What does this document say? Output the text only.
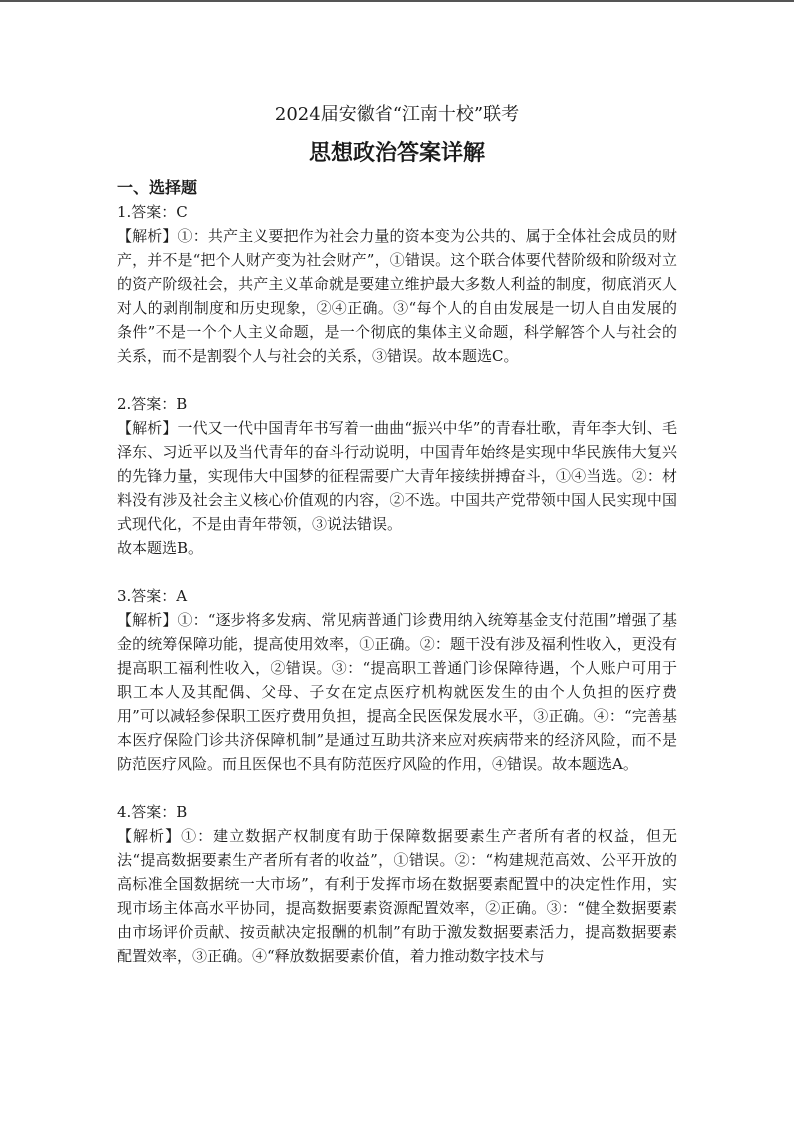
2024届安徽省“江南十校”联考
思想政治答案详解
一、选择题

1.答案：C

【解析】①：共产主义要把作为社会力量的资本变为公共的、属于全体社会成员的财产，并不是“把个人财产变为社会财产”，①错误。这个联合体要代替阶级和阶级对立的资产阶级社会，共产主义革命就是要建立维护最大多数人利益的制度，彻底消灭人对人的剥削制度和历史现象，②④正确。③“每个人的自由发展是一切人自由发展的条件”不是一个个人主义命题，是一个彻底的集体主义命题，科学解答个人与社会的关系，而不是割裂个人与社会的关系，③错误。故本题选C。

2.答案：B

【解析】一代又一代中国青年书写着一曲曲“振兴中华”的青春壮歌，青年李大钊、毛泽东、习近平以及当代青年的奋斗行动说明，中国青年始终是实现中华民族伟大复兴的先锋力量，实现伟大中国梦的征程需要广大青年接续拼搏奋斗，①④当选。②：材料没有涉及社会主义核心价值观的内容，②不选。中国共产党带领中国人民实现中国式现代化，不是由青年带领，③说法错误。

故本题选B。

3.答案：A

【解析】①：“逐步将多发病、常见病普通门诊费用纳入统筹基金支付范围”增强了基金的统筹保障功能，提高使用效率，①正确。②：题干没有涉及福利性收入，更没有提高职工福利性收入，②错误。③：“提高职工普通门诊保障待遇，个人账户可用于职工本人及其配偶、父母、子女在定点医疗机构就医发生的由个人负担的医疗费用”可以减轻参保职工医疗费用负担，提高全民医保发展水平，③正确。④：“完善基本医疗保险门诊共济保障机制”是通过互助共济来应对疾病带来的经济风险，而不是防范医疗风险。而且医保也不具有防范医疗风险的作用，④错误。故本题选A。

4.答案：B

【解析】①：建立数据产权制度有助于保障数据要素生产者所有者的权益，但无法“提高数据要素生产者所有者的收益”，①错误。②：“构建规范高效、公平开放的高标准全国数据统一大市场”，有利于发挥市场在数据要素配置中的决定性作用，实现市场主体高水平协同，提高数据要素资源配置效率，②正确。③：“健全数据要素由市场评价贡献、按贡献决定报酬的机制”有助于激发数据要素活力，提高数据要素配置效率，③正确。④“释放数据要素价值，着力推动数字技术与
